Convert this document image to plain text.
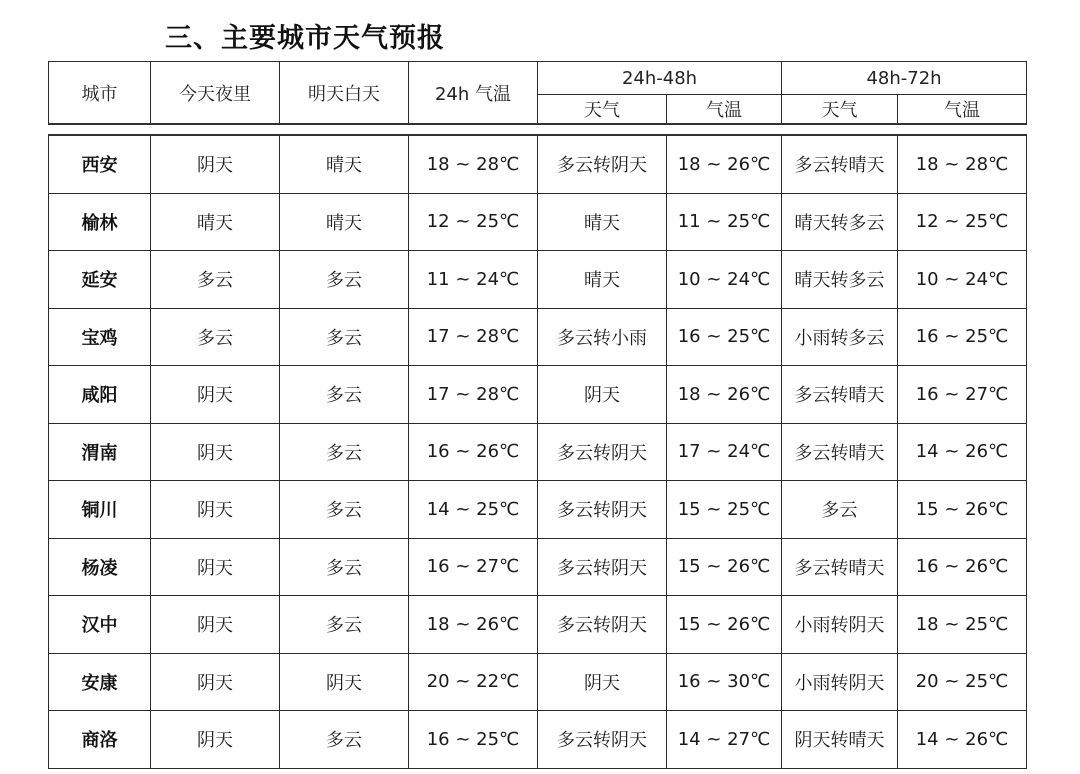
三、主要城市天气预报
城市	今天夜里	明天白天	24h 气温	24h-48h		48h-72h	
				天气	气温	天气	气温

西安	阴天	晴天	18 ~ 28℃	多云转阴天	18 ~ 26℃	多云转晴天	18 ~ 28℃
榆林	晴天	晴天	12 ~ 25℃	晴天	11 ~ 25℃	晴天转多云	12 ~ 25℃
延安	多云	多云	11 ~ 24℃	晴天	10 ~ 24℃	晴天转多云	10 ~ 24℃
宝鸡	多云	多云	17 ~ 28℃	多云转小雨	16 ~ 25℃	小雨转多云	16 ~ 25℃
咸阳	阴天	多云	17 ~ 28℃	阴天	18 ~ 26℃	多云转晴天	16 ~ 27℃
渭南	阴天	多云	16 ~ 26℃	多云转阴天	17 ~ 24℃	多云转晴天	14 ~ 26℃
铜川	阴天	多云	14 ~ 25℃	多云转阴天	15 ~ 25℃	多云	15 ~ 26℃
杨凌	阴天	多云	16 ~ 27℃	多云转阴天	15 ~ 26℃	多云转晴天	16 ~ 26℃
汉中	阴天	多云	18 ~ 26℃	多云转阴天	15 ~ 26℃	小雨转阴天	18 ~ 25℃
安康	阴天	阴天	20 ~ 22℃	阴天	16 ~ 30℃	小雨转阴天	20 ~ 25℃
商洛	阴天	多云	16 ~ 25℃	多云转阴天	14 ~ 27℃	阴天转晴天	14 ~ 26℃
